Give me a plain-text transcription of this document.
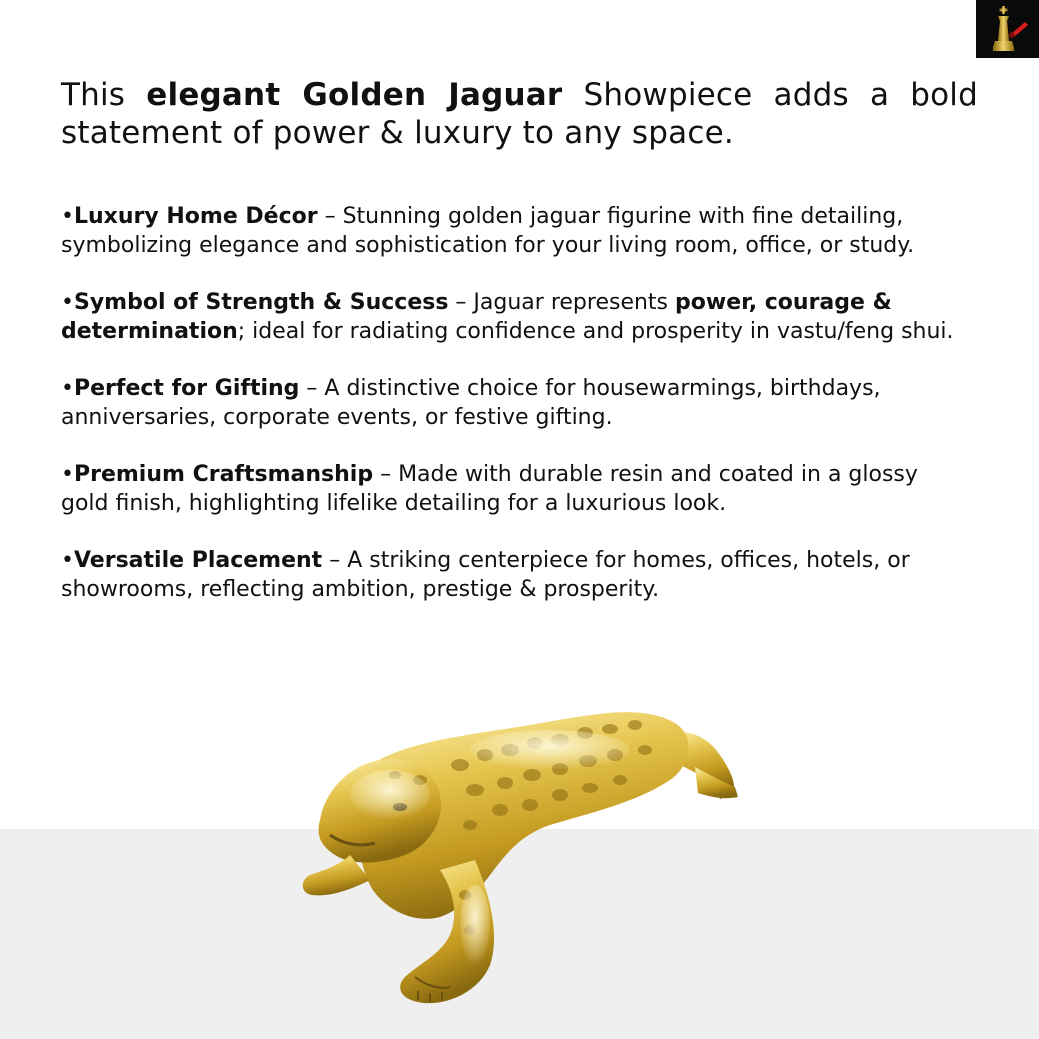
This elegant Golden Jaguar Showpiece adds a bold statement of power & luxury to any space.

•Luxury Home Décor – Stunning golden jaguar figurine with fine detailing, symbolizing elegance and sophistication for your living room, office, or study.
•Symbol of Strength & Success – Jaguar represents power, courage & determination; ideal for radiating confidence and prosperity in vastu/feng shui.
•Perfect for Gifting – A distinctive choice for housewarmings, birthdays, anniversaries, corporate events, or festive gifting.
•Premium Craftsmanship – Made with durable resin and coated in a glossy gold finish, highlighting lifelike detailing for a luxurious look.
•Versatile Placement – A striking centerpiece for homes, offices, hotels, or showrooms, reflecting ambition, prestige & prosperity.
